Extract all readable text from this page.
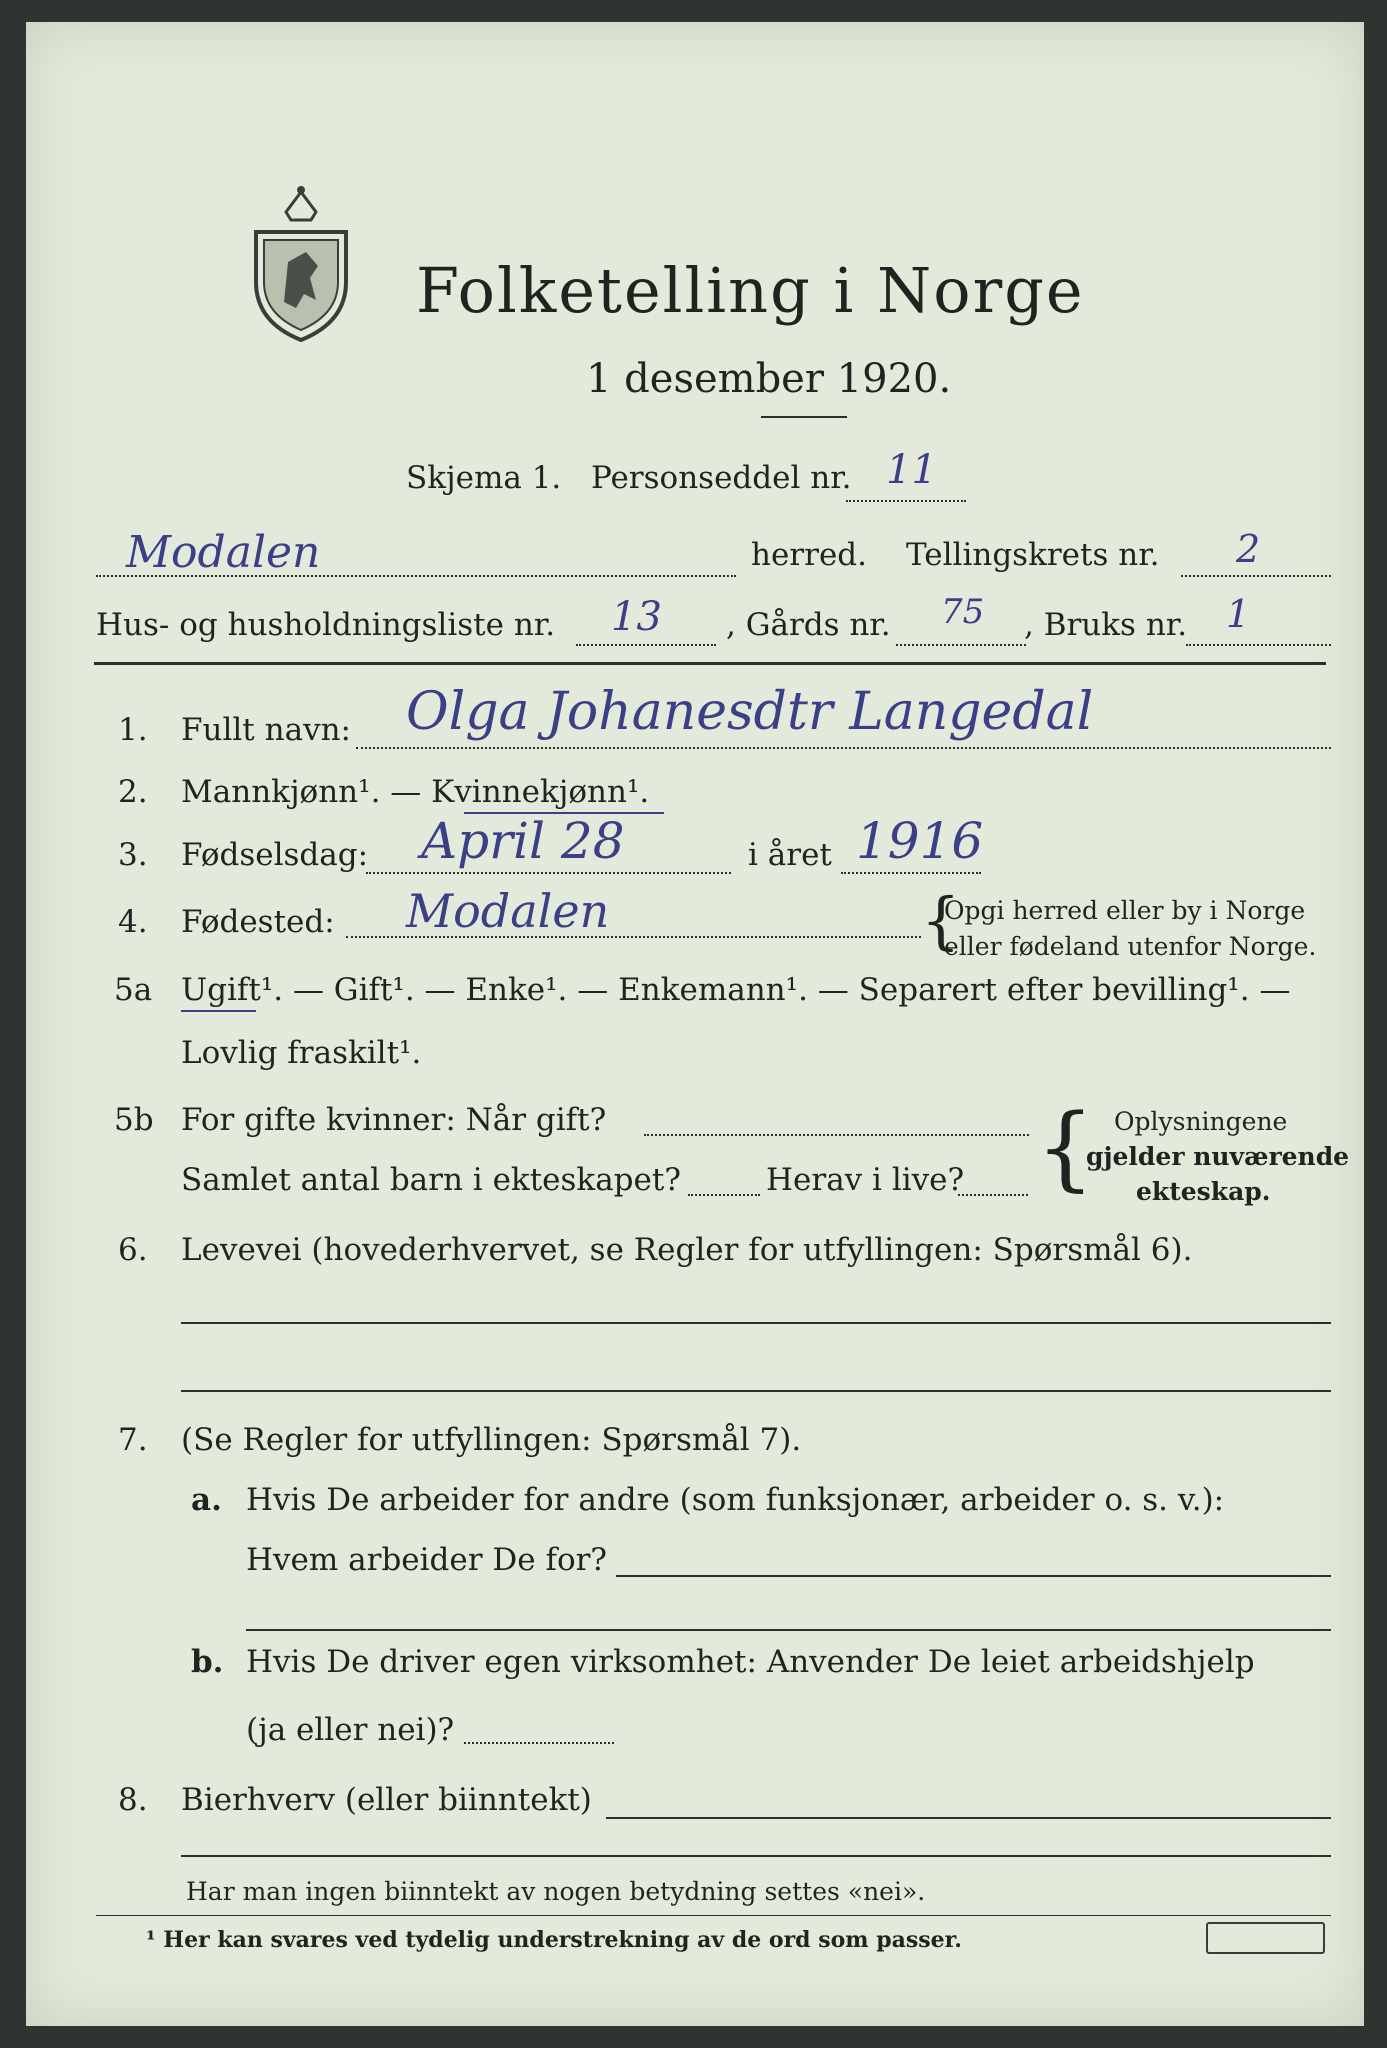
Folketelling i Norge
1 desember 1920.
Skjema 1. Personseddel nr. 11
Modalen	herred. Tellingskrets nr. 2
Hus- og husholdningsliste nr. 13 , Gårds nr. 75 , Bruks nr. 1
1. Fullt navn: Olga Johanesdtr Langedal
2. Mannkjønn¹. — Kvinnekjønn¹.
3. Fødselsdag: April 28	i året 1916
4. Fødested: Modalen	{
Opgi herred eller by i Norge
eller fødeland utenfor Norge.
5a Ugift¹. — Gift¹. — Enke¹. — Enkemann¹. — Separert efter bevilling¹. —
Lovlig fraskilt¹.
5b For gifte kvinner: Når gift?
Samlet antal barn i ekteskapet?	Herav i live? { Oplysningene
gjelder nuværende
ekteskap.
6. Levevei (hovederhvervet, se Regler for utfyllingen: Spørsmål 6).
7. (Se Regler for utfyllingen: Spørsmål 7).
a. Hvis De arbeider for andre (som funksjonær, arbeider o. s. v.):
Hvem arbeider De for?
b. Hvis De driver egen virksomhet: Anvender De leiet arbeidshjelp
(ja eller nei)?
8. Bierhverv (eller biinntekt)
Har man ingen biinntekt av nogen betydning settes «nei».
¹ Her kan svares ved tydelig understrekning av de ord som passer.
